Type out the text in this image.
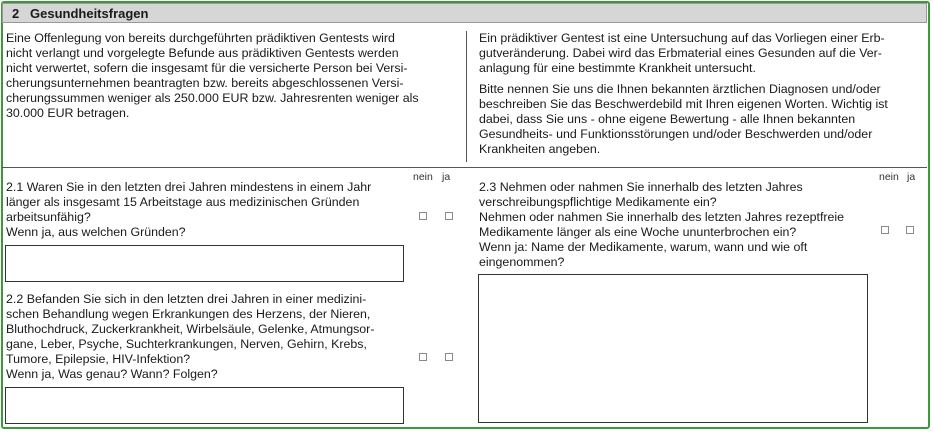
2 Gesundheitsfragen

Eine Offenlegung von bereits durchgeführten prädiktiven Gentests wird
nicht verlangt und vorgelegte Befunde aus prädiktiven Gentests werden
nicht verwertet, sofern die insgesamt für die versicherte Person bei Versi-
cherungsunternehmen beantragten bzw. bereits abgeschlossenen Versi-
cherungssummen weniger als 250.000 EUR bzw. Jahresrenten weniger als
30.000 EUR betragen.

Ein prädiktiver Gentest ist eine Untersuchung auf das Vorliegen einer Erb-
gutveränderung. Dabei wird das Erbmaterial eines Gesunden auf die Ver-
anlagung für eine bestimmte Krankheit untersucht.

Bitte nennen Sie uns die Ihnen bekannten ärztlichen Diagnosen und/oder
beschreiben Sie das Beschwerdebild mit Ihren eigenen Worten. Wichtig ist
dabei, dass Sie uns - ohne eigene Bewertung - alle Ihnen bekannten
Gesundheits- und Funktionsstörungen und/oder Beschwerden und/oder
Krankheiten angeben.

nein ja	nein ja

2.1 Waren Sie in den letzten drei Jahren mindestens in einem Jahr
länger als insgesamt 15 Arbeitstage aus medizinischen Gründen
arbeitsunfähig?
Wenn ja, aus welchen Gründen?

2.2 Befanden Sie sich in den letzten drei Jahren in einer medizini-
schen Behandlung wegen Erkrankungen des Herzens, der Nieren,
Bluthochdruck, Zuckerkrankheit, Wirbelsäule, Gelenke, Atmungsor-
gane, Leber, Psyche, Suchterkrankungen, Nerven, Gehirn, Krebs,
Tumore, Epilepsie, HIV-Infektion?
Wenn ja, Was genau? Wann? Folgen?

2.3 Nehmen oder nahmen Sie innerhalb des letzten Jahres
verschreibungspflichtige Medikamente ein?
Nehmen oder nahmen Sie innerhalb des letzten Jahres rezeptfreie
Medikamente länger als eine Woche ununterbrochen ein?
Wenn ja: Name der Medikamente, warum, wann und wie oft
eingenommen?
